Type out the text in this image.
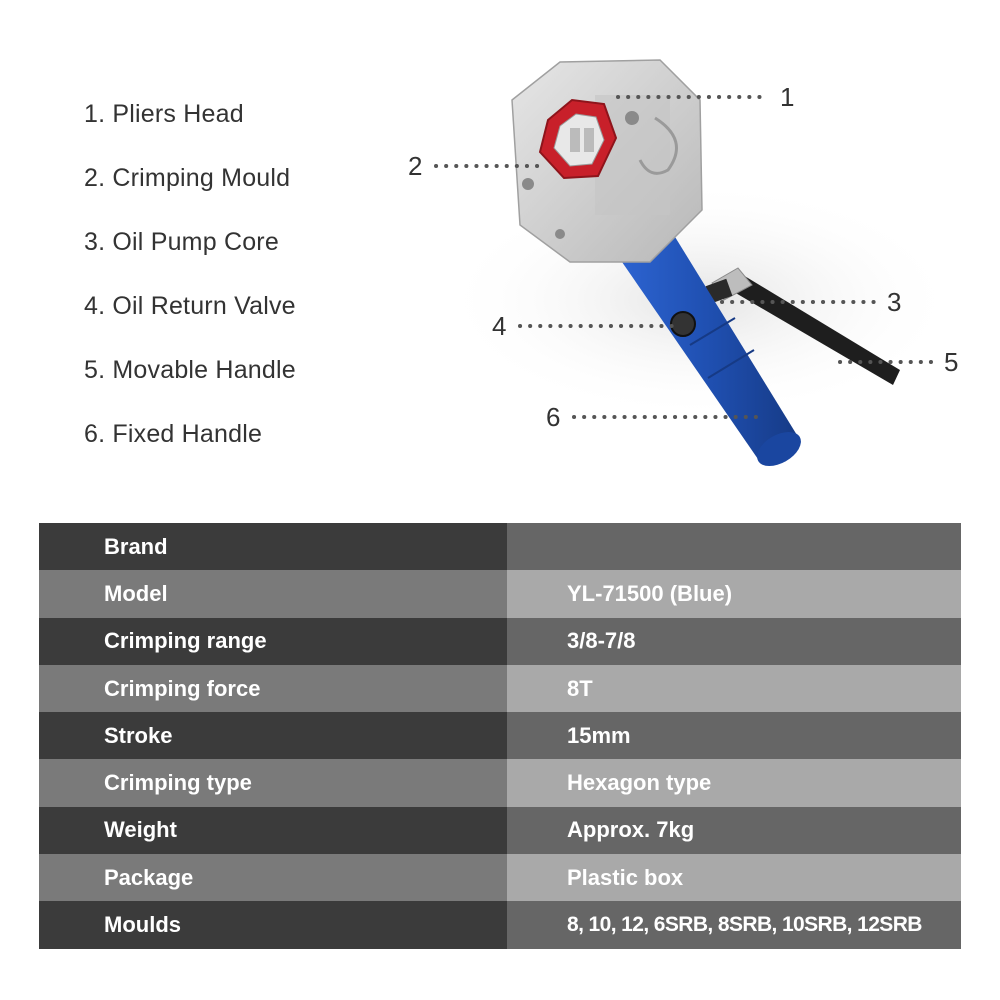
1. Pliers Head
2. Crimping Mould
3. Oil Pump Core
4. Oil Return Valve
5. Movable Handle
6. Fixed Handle
1
2
3
4
5
6
Brand	
Model	YL-71500 (Blue)
Crimping range	3/8-7/8
Crimping force	8T
Stroke	15mm
Crimping type	Hexagon type
Weight	Approx. 7kg
Package	Plastic box
Moulds	8, 10, 12, 6SRB, 8SRB, 10SRB, 12SRB
